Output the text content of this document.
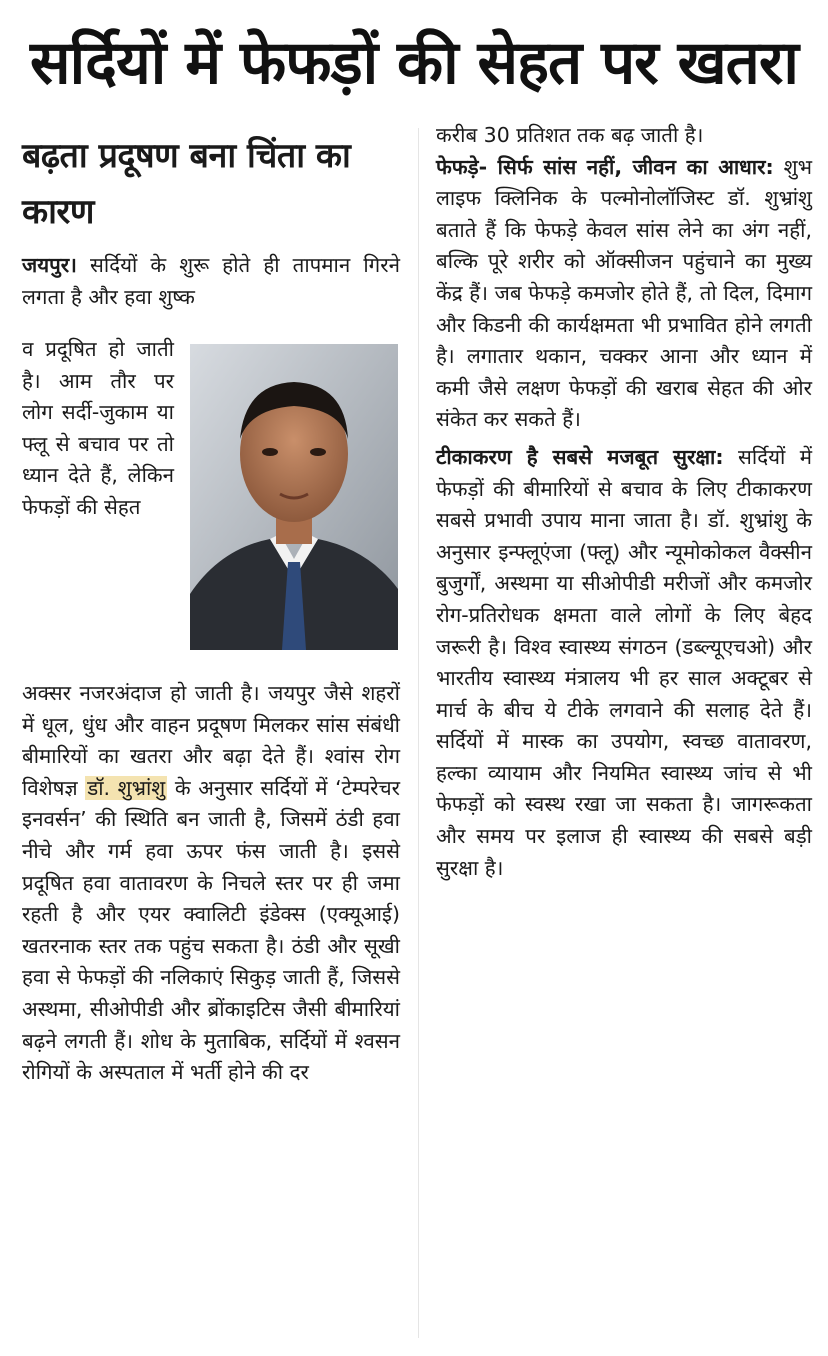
सर्दियों में फेफड़ों की सेहत पर खतरा
बढ़ता प्रदूषण बना चिंता का कारण

जयपुर। सर्दियों के शुरू होते ही तापमान गिरने लगता है और हवा शुष्क

व प्रदूषित हो जाती है। आम तौर पर लोग सर्दी-जुकाम या फ्लू से बचाव पर तो ध्यान देते हैं, लेकिन फेफड़ों की सेहत

अक्सर नजरअंदाज हो जाती है। जयपुर जैसे शहरों में धूल, धुंध और वाहन प्रदूषण मिलकर सांस संबंधी बीमारियों का खतरा और बढ़ा देते हैं। श्वांस रोग विशेषज्ञ डॉ. शुभ्रांशु के अनुसार सर्दियों में ‘टेम्परेचर इनवर्सन’ की स्थिति बन जाती है, जिसमें ठंडी हवा नीचे और गर्म हवा ऊपर फंस जाती है। इससे प्रदूषित हवा वातावरण के निचले स्तर पर ही जमा रहती है और एयर क्वालिटी इंडेक्स (एक्यूआई) खतरनाक स्तर तक पहुंच सकता है। ठंडी और सूखी हवा से फेफड़ों की नलिकाएं सिकुड़ जाती हैं, जिससे अस्थमा, सीओपीडी और ब्रोंकाइटिस जैसी बीमारियां बढ़ने लगती हैं। शोध के मुताबिक, सर्दियों में श्वसन रोगियों के अस्पताल में भर्ती होने की दर

करीब 30 प्रतिशत तक बढ़ जाती है।

फेफड़े- सिर्फ सांस नहीं, जीवन का आधार: शुभ लाइफ क्लिनिक के पल्मोनोलॉजिस्ट डॉ. शुभ्रांशु बताते हैं कि फेफड़े केवल सांस लेने का अंग नहीं, बल्कि पूरे शरीर को ऑक्सीजन पहुंचाने का मुख्य केंद्र हैं। जब फेफड़े कमजोर होते हैं, तो दिल, दिमाग और किडनी की कार्यक्षमता भी प्रभावित होने लगती है। लगातार थकान, चक्कर आना और ध्यान में कमी जैसे लक्षण फेफड़ों की खराब सेहत की ओर संकेत कर सकते हैं।

टीकाकरण है सबसे मजबूत सुरक्षा: सर्दियों में फेफड़ों की बीमारियों से बचाव के लिए टीकाकरण सबसे प्रभावी उपाय माना जाता है। डॉ. शुभ्रांशु के अनुसार इन्फ्लूएंजा (फ्लू) और न्यूमोकोकल वैक्सीन बुजुर्गों, अस्थमा या सीओपीडी मरीजों और कमजोर रोग-प्रतिरोधक क्षमता वाले लोगों के लिए बेहद जरूरी है। विश्व स्वास्थ्य संगठन (डब्ल्यूएचओ) और भारतीय स्वास्थ्य मंत्रालय भी हर साल अक्टूबर से मार्च के बीच ये टीके लगवाने की सलाह देते हैं। सर्दियों में मास्क का उपयोग, स्वच्छ वातावरण, हल्का व्यायाम और नियमित स्वास्थ्य जांच से भी फेफड़ों को स्वस्थ रखा जा सकता है। जागरूकता और समय पर इलाज ही स्वास्थ्य की सबसे बड़ी सुरक्षा है।
